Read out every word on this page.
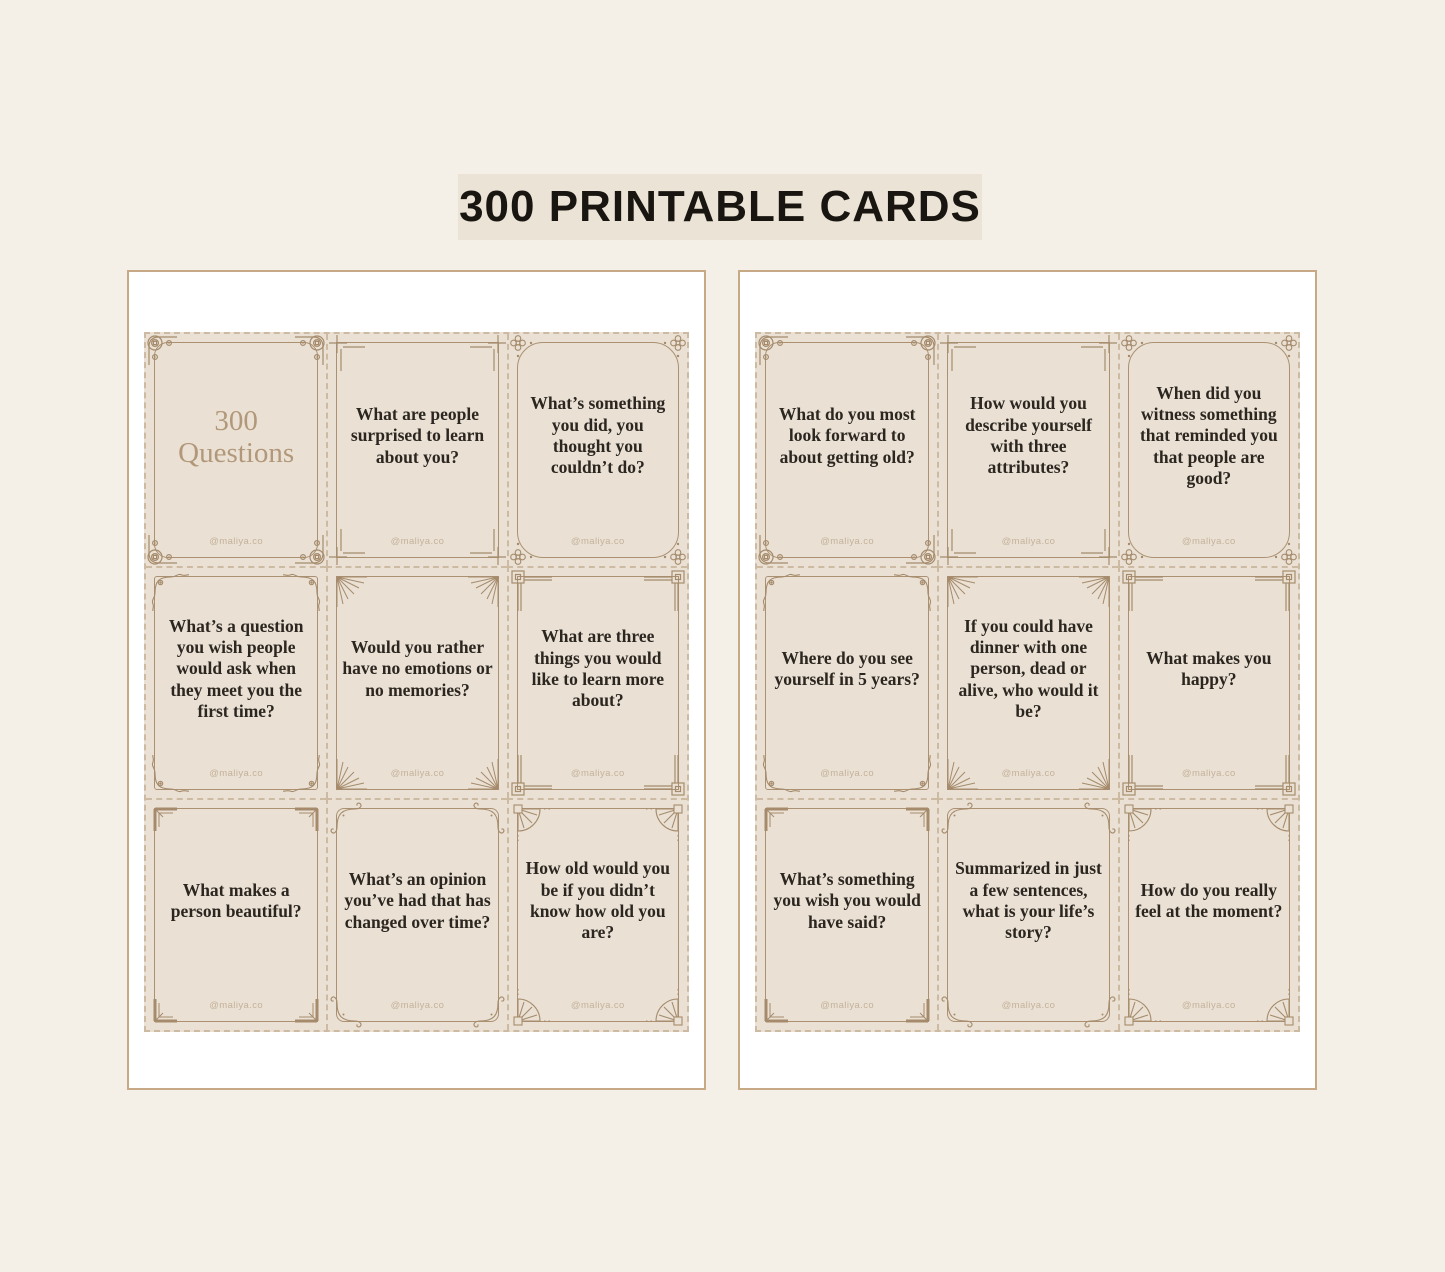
300 PRINTABLE CARDS
300
Questions
@maliya.co
What are people surprised to learn about you?
@maliya.co
What’s something you did, you thought you couldn’t do?
@maliya.co
What’s a question you wish people would ask when they meet you the first time?
@maliya.co
Would you rather have no emotions or no memories?
@maliya.co
What are three things you would like to learn more about?
@maliya.co
What makes a person beautiful?
@maliya.co
What’s an opinion you’ve had that has changed over time?
@maliya.co
How old would you be if you didn’t know how old you are?
@maliya.co
What do you most look forward to about getting old?
@maliya.co
How would you describe yourself with three attributes?
@maliya.co
When did you witness something that reminded you that people are good?
@maliya.co
Where do you see yourself in 5 years?
@maliya.co
If you could have dinner with one person, dead or alive, who would it be?
@maliya.co
What makes you happy?
@maliya.co
What’s something you wish you would have said?
@maliya.co
Summarized in just a few sentences, what is your life’s story?
@maliya.co
How do you really feel at the moment?
@maliya.co
